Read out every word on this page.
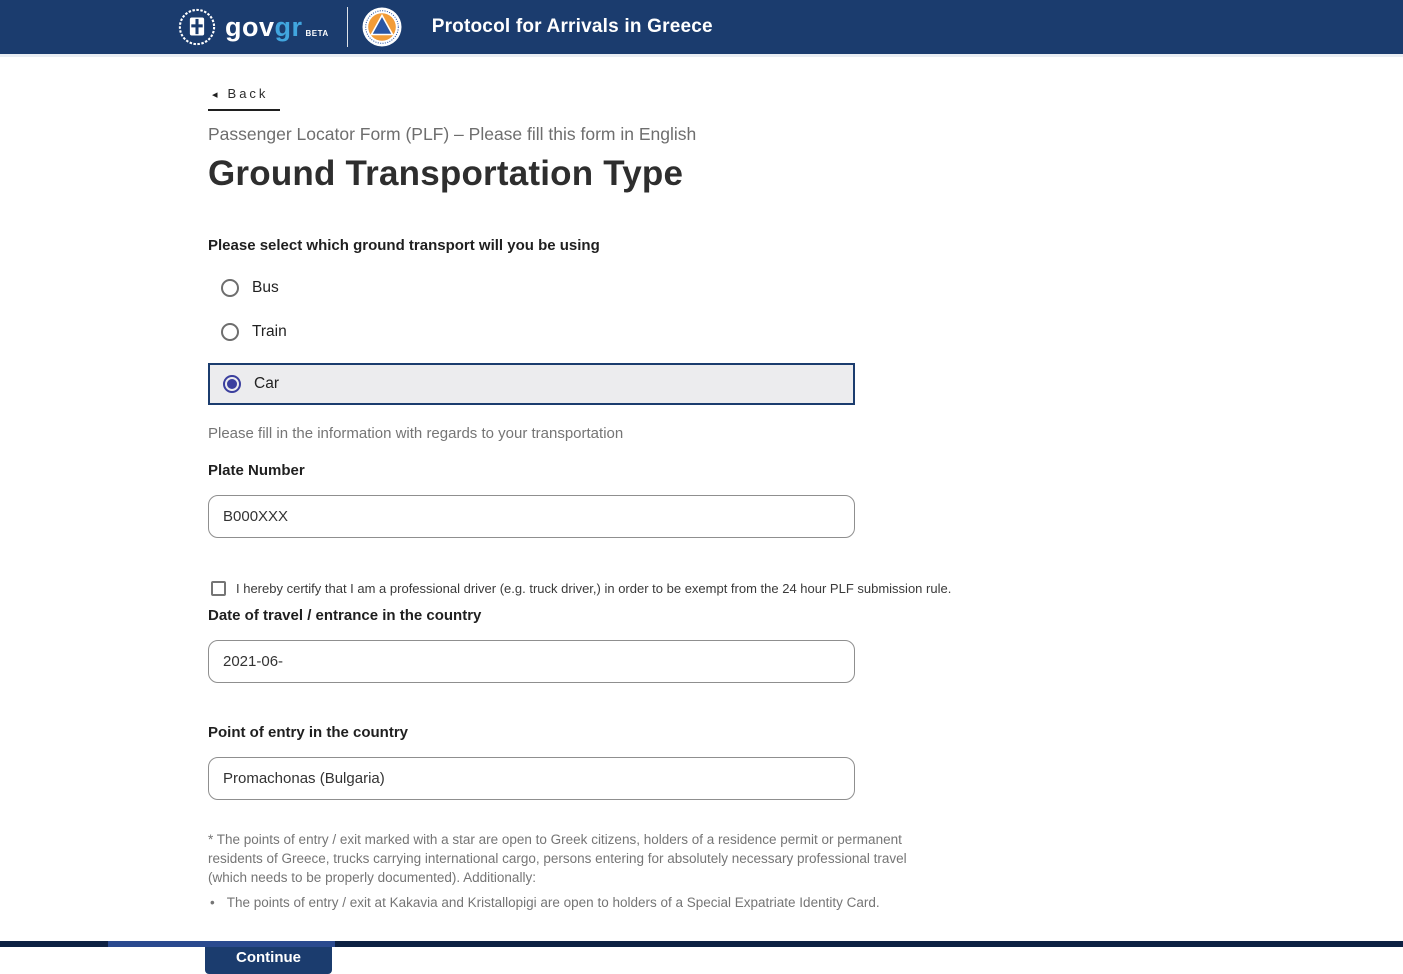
gov gr BETA	Protocol for Arrivals in Greece
◂ Back
Passenger Locator Form (PLF) – Please fill this form in English
Ground Transportation Type
Please select which ground transport will you be using
Bus
Train
Car
Please fill in the information with regards to your transportation
Plate Number
B000XXX
I hereby certify that I am a professional driver (e.g. truck driver,) in order to be exempt from the 24 hour PLF submission rule.
Date of travel / entrance in the country
2021-06-
Point of entry in the country
Promachonas (Bulgaria)
* The points of entry / exit marked with a star are open to Greek citizens, holders of a residence permit or permanent residents of Greece, trucks carrying international cargo, persons entering for absolutely necessary professional travel (which needs to be properly documented). Additionally:
• The points of entry / exit at Kakavia and Kristallopigi are open to holders of a Special Expatriate Identity Card.
Continue
